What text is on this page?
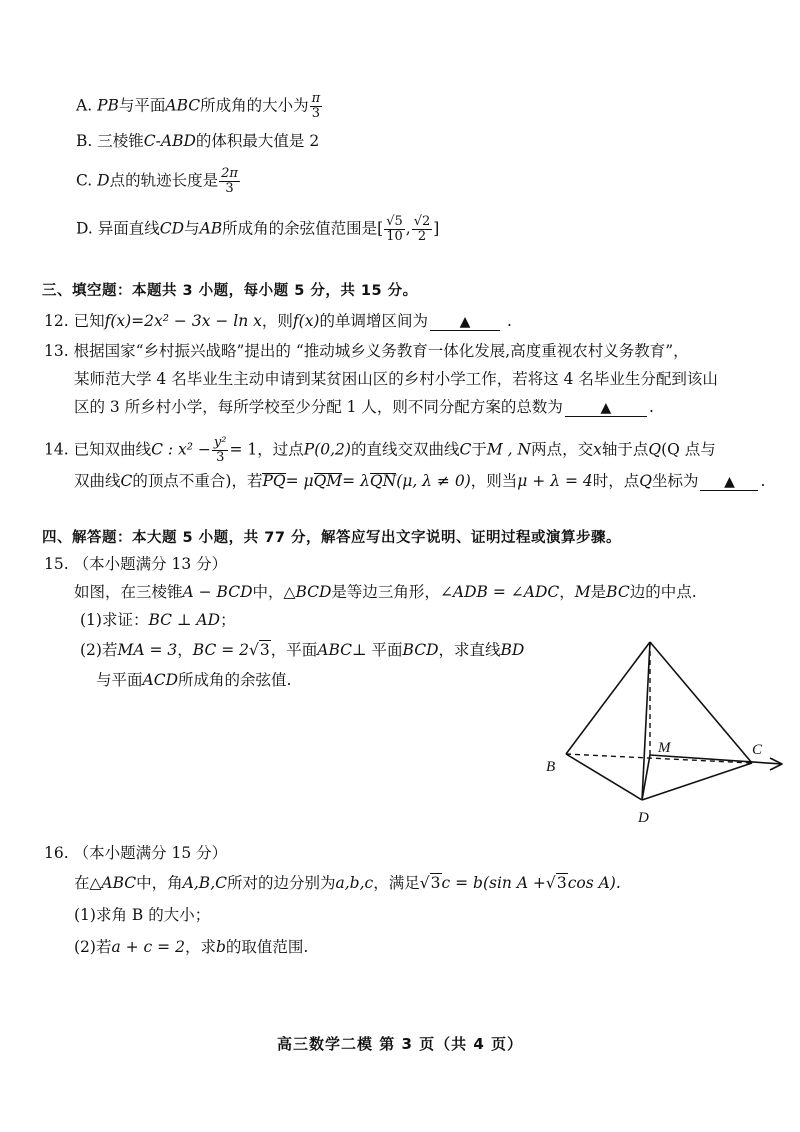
A. PB与平面ABC所成角的大小为 $\frac{\pi}{3}$
B. 三棱锥C-ABD的体积最大值是 2
C. D点的轨迹长度是 $\frac{2\pi}{3}$
D. 异面直线CD与AB所成角的余弦值范围是[ $\frac{√5}{10}$ , $\frac{√2}{2}$ ]
三、填空题：本题共 3 小题，每小题 5 分，共 15 分。
12. 已知f(x)=2x² − 3x − ln x，则f(x)的单调增区间为 ▲ .
13. 根据国家“乡村振兴战略”提出的 “推动城乡义务教育一体化发展,高度重视农村义务教育”，
某师范大学 4 名毕业生主动申请到某贫困山区的乡村小学工作，若将这 4 名毕业生分配到该山
区的 3 所乡村小学，每所学校至少分配 1 人，则不同分配方案的总数为	▲ .
14. 已知双曲线C : $x^2 - \frac{\text{y²}}{3} = 1$，过点P(0,2)的直线交双曲线C于M , N两点，交x轴于点Q(Q 点与
双曲线C的顶点不重合)，若PQ= μQM= λQN(μ, λ ≠ 0)，则当μ + λ = 4时，点Q坐标为 ▲ .
四、解答题：本大题 5 小题，共 77 分，解答应写出文字说明、证明过程或演算步骤。
15. （本小题满分 13 分）
如图，在三棱锥A − BCD中，△BCD是等边三角形，∠ADB = ∠ADC，M是BC边的中点.
(1)求证：BC ⊥ AD；
(2)若MA = 3，BC = 2√3，平面ABC⊥ 平面BCD，求直线BD
与平面ACD所成角的余弦值.
B
M	C
D
16. （本小题满分 15 分）
在△ABC中，角A,B,C所对的边分别为a,b,c，满足√3c = b(sin A +√3cos A).
(1)求角 B 的大小；
(2)若a + c = 2，求b的取值范围.
高三数学二模 第 3 页（共 4 页）
